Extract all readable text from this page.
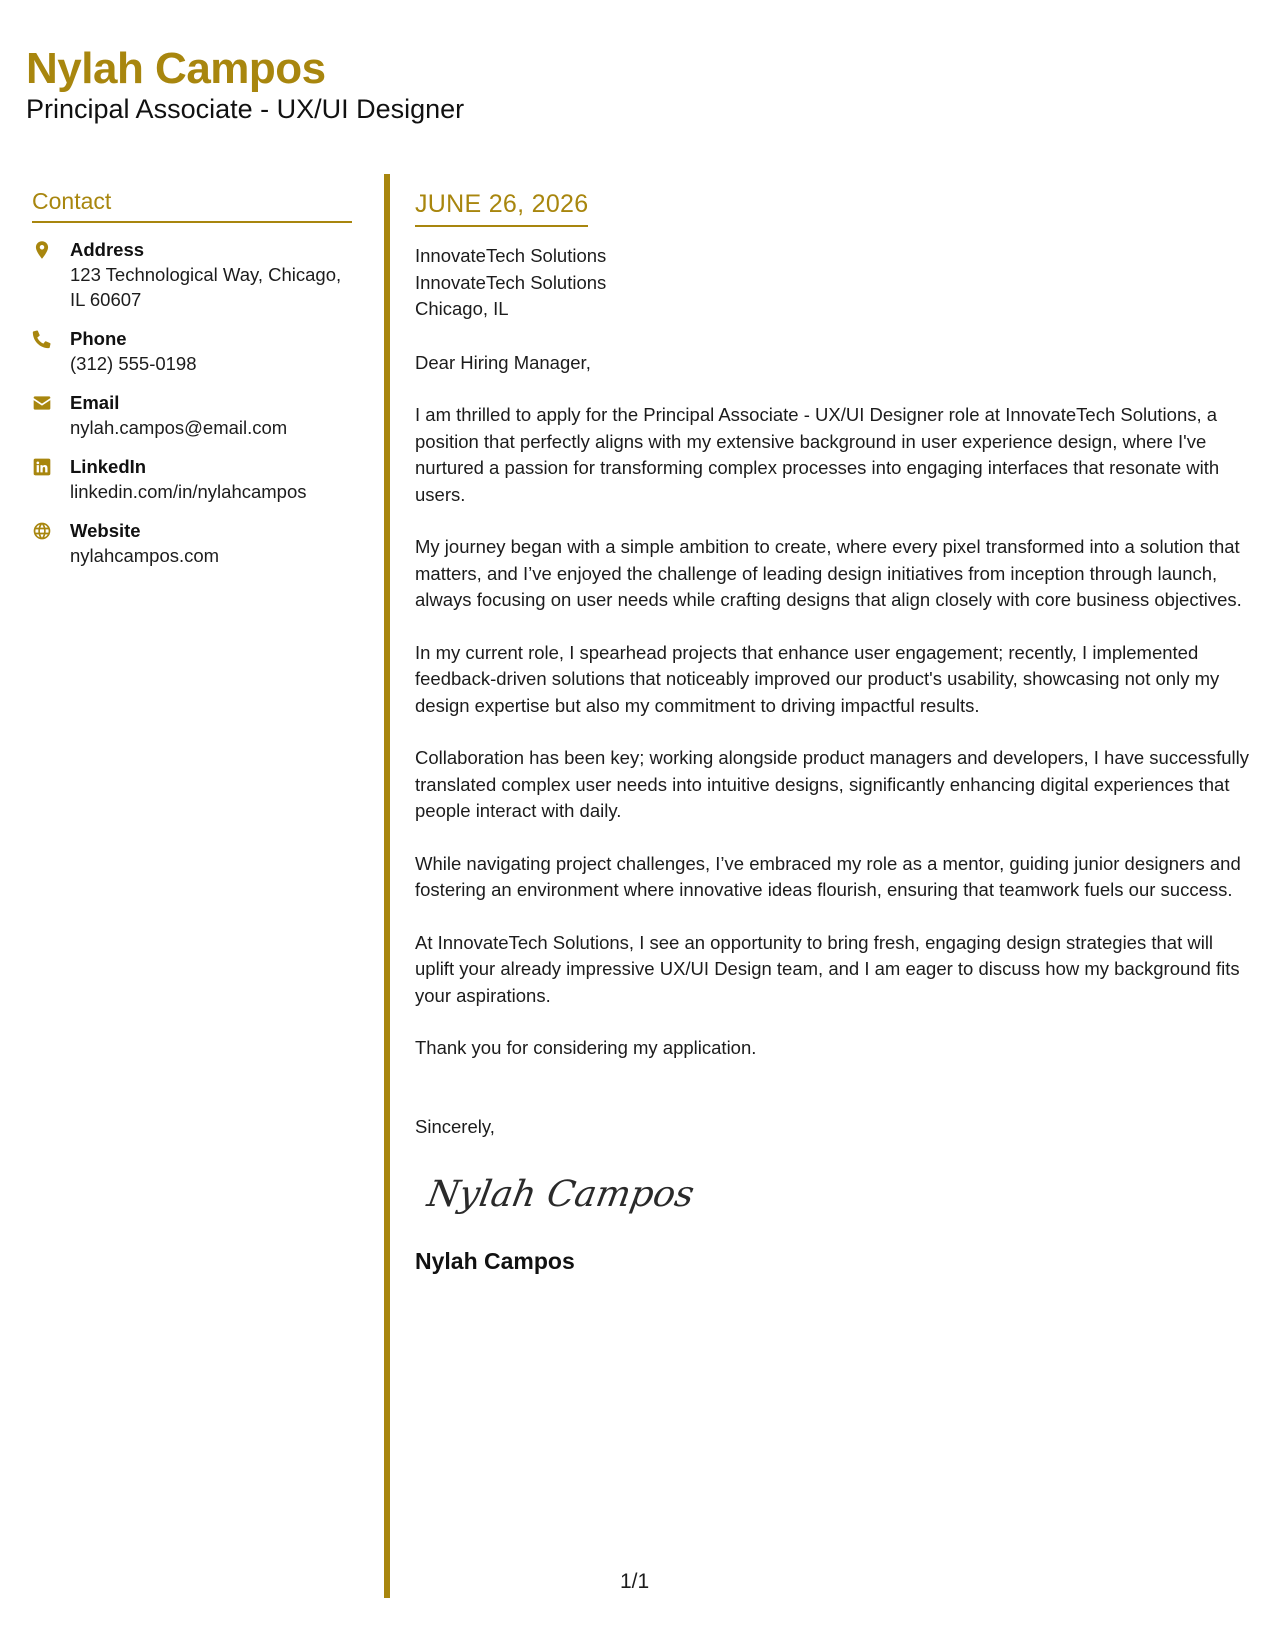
Nylah Campos
Principal Associate - UX/UI Designer
Contact
Address
123 Technological Way, Chicago, IL 60607
Phone
(312) 555-0198
Email
nylah.campos@email.com
LinkedIn
linkedin.com/in/nylahcampos
Website
nylahcampos.com
JUNE 26, 2026
InnovateTech Solutions
InnovateTech Solutions
Chicago, IL

Dear Hiring Manager,

I am thrilled to apply for the Principal Associate - UX/UI Designer role at InnovateTech Solutions, a position that perfectly aligns with my extensive background in user experience design, where I've nurtured a passion for transforming complex processes into engaging interfaces that resonate with users.

My journey began with a simple ambition to create, where every pixel transformed into a solution that matters, and I’ve enjoyed the challenge of leading design initiatives from inception through launch, always focusing on user needs while crafting designs that align closely with core business objectives.

In my current role, I spearhead projects that enhance user engagement; recently, I implemented feedback-driven solutions that noticeably improved our product's usability, showcasing not only my design expertise but also my commitment to driving impactful results.

Collaboration has been key; working alongside product managers and developers, I have successfully translated complex user needs into intuitive designs, significantly enhancing digital experiences that people interact with daily.

While navigating project challenges, I’ve embraced my role as a mentor, guiding junior designers and fostering an environment where innovative ideas flourish, ensuring that teamwork fuels our success.

At InnovateTech Solutions, I see an opportunity to bring fresh, engaging design strategies that will uplift your already impressive UX/UI Design team, and I am eager to discuss how my background fits your aspirations.

Thank you for considering my application.

Sincerely,

Nylah Campos
Nylah Campos
1/1
